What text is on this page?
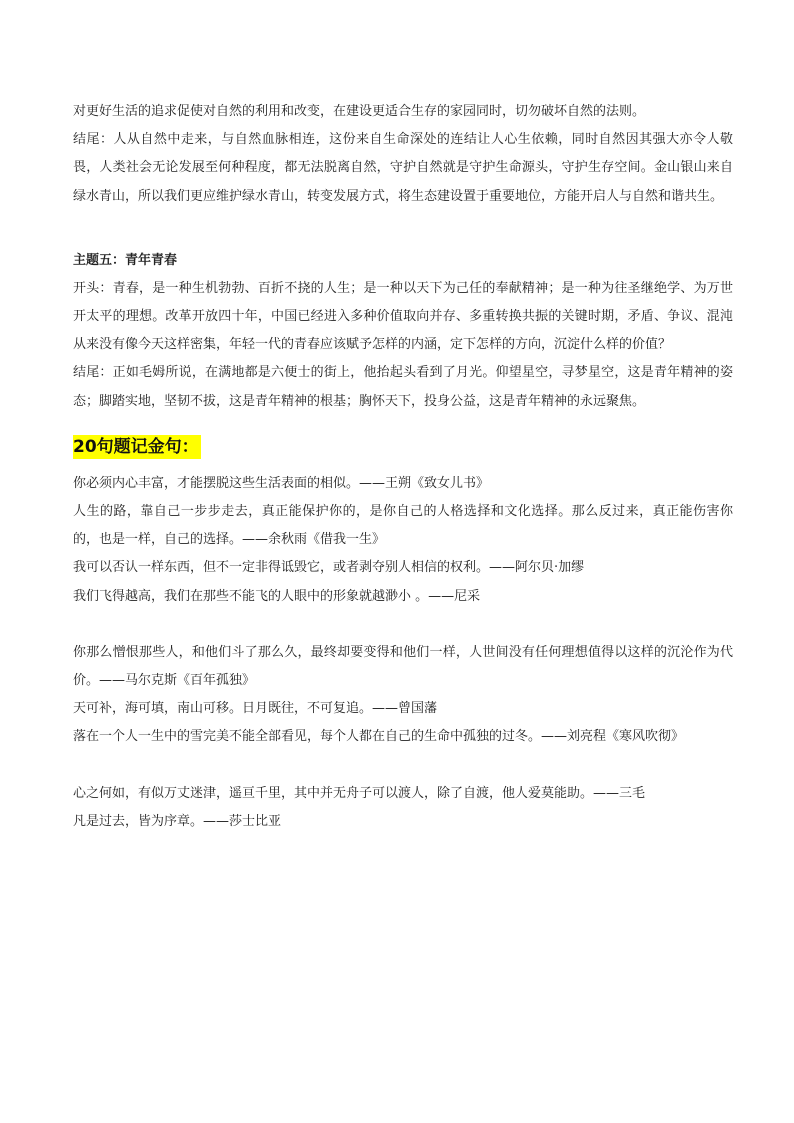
对更好生活的追求促使对自然的利用和改变，在建设更适合生存的家园同时，切勿破坏自然的法则。

结尾：人从自然中走来，与自然血脉相连，这份来自生命深处的连结让人心生依赖，同时自然因其强大亦令人敬畏，人类社会无论发展至何种程度，都无法脱离自然，守护自然就是守护生命源头，守护生存空间。金山银山来自绿水青山，所以我们更应维护绿水青山，转变发展方式，将生态建设置于重要地位，方能开启人与自然和谐共生。

主题五：青年青春

开头：青春，是一种生机勃勃、百折不挠的人生；是一种以天下为己任的奉献精神；是一种为往圣继绝学、为万世开太平的理想。改革开放四十年，中国已经进入多种价值取向并存、多重转换共振的关键时期，矛盾、争议、混沌从来没有像今天这样密集，年轻一代的青春应该赋予怎样的内涵，定下怎样的方向，沉淀什么样的价值？

结尾：正如毛姆所说，在满地都是六便士的街上，他抬起头看到了月光。仰望星空，寻梦星空，这是青年精神的姿态；脚踏实地，坚韧不拔，这是青年精神的根基；胸怀天下，投身公益，这是青年精神的永远聚焦。

20句题记金句：

你必须内心丰富，才能摆脱这些生活表面的相似。——王朔《致女儿书》

人生的路，靠自己一步步走去，真正能保护你的，是你自己的人格选择和文化选择。那么反过来，真正能伤害你的，也是一样，自己的选择。——余秋雨《借我一生》

我可以否认一样东西，但不一定非得诋毁它，或者剥夺别人相信的权利。——阿尔贝·加缪

我们飞得越高，我们在那些不能飞的人眼中的形象就越渺小 。——尼采

你那么憎恨那些人，和他们斗了那么久，最终却要变得和他们一样，人世间没有任何理想值得以这样的沉沦作为代价。——马尔克斯《百年孤独》

天可补，海可填，南山可移。日月既往，不可复追。——曾国藩

落在一个人一生中的雪完美不能全部看见，每个人都在自己的生命中孤独的过冬。——刘亮程《寒风吹彻》

心之何如，有似万丈迷津，遥亘千里，其中并无舟子可以渡人，除了自渡，他人爱莫能助。——三毛

凡是过去，皆为序章。——莎士比亚
